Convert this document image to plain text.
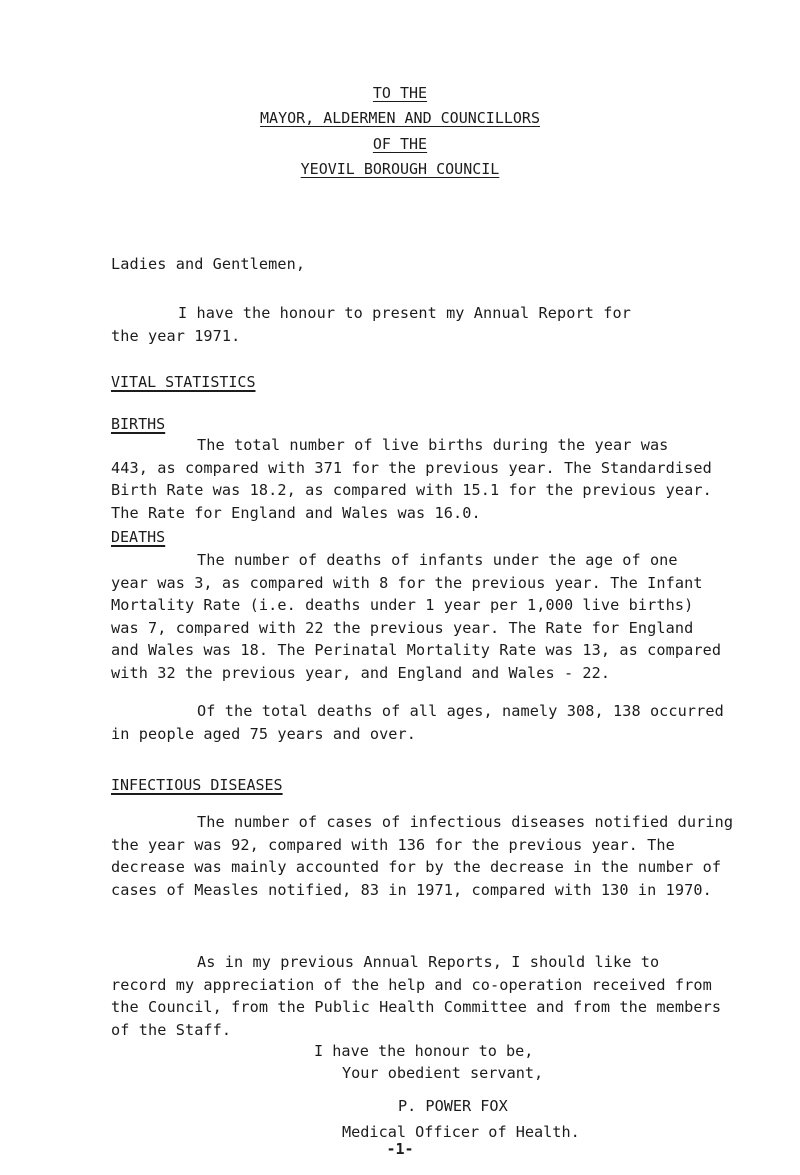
TO THE
MAYOR, ALDERMEN AND COUNCILLORS
OF THE
YEOVIL BOROUGH COUNCIL
Ladies and Gentlemen,
I have the honour to present my Annual Report for
the year 1971.
VITAL STATISTICS
BIRTHS
The total number of live births during the year was
443, as compared with 371 for the previous year. The Standardised
Birth Rate was 18.2, as compared with 15.1 for the previous year.
The Rate for England and Wales was 16.0.
DEATHS
The number of deaths of infants under the age of one
year was 3, as compared with 8 for the previous year. The Infant
Mortality Rate (i.e. deaths under 1 year per 1,000 live births)
was 7, compared with 22 the previous year. The Rate for England
and Wales was 18. The Perinatal Mortality Rate was 13, as compared
with 32 the previous year, and England and Wales - 22.
Of the total deaths of all ages, namely 308, 138 occurred
in people aged 75 years and over.
INFECTIOUS DISEASES
The number of cases of infectious diseases notified during
the year was 92, compared with 136 for the previous year. The
decrease was mainly accounted for by the decrease in the number of
cases of Measles notified, 83 in 1971, compared with 130 in 1970.
As in my previous Annual Reports, I should like to
record my appreciation of the help and co-operation received from
the Council, from the Public Health Committee and from the members
of the Staff.
I have the honour to be,
Your obedient servant,
P. POWER FOX
Medical Officer of Health.
-1-
